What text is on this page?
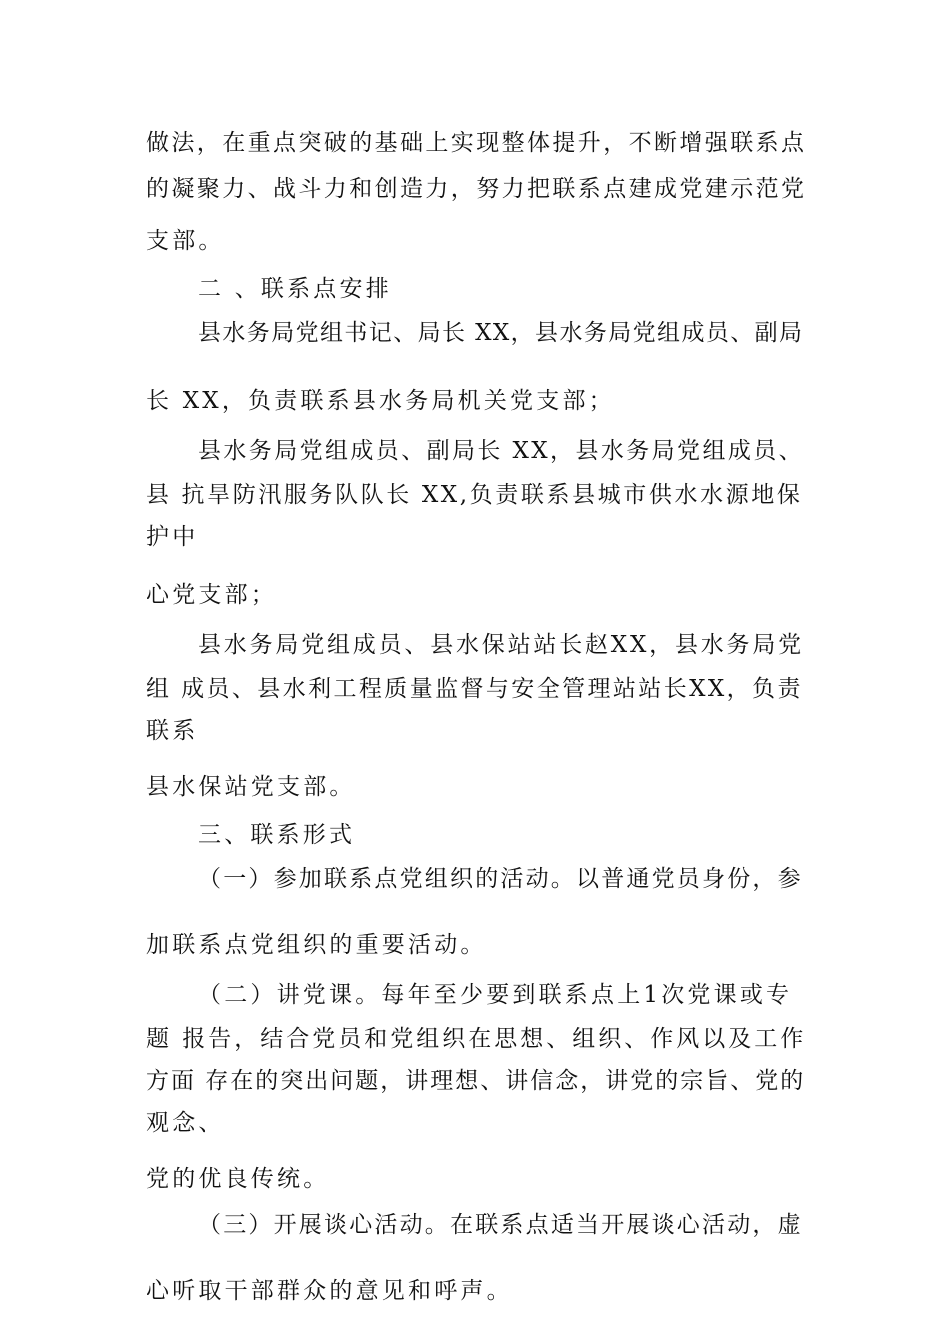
做法，在重点突破的基础上实现整体提升，不断增强联系点
的凝聚力、战斗力和创造力，努力把联系点建成党建示范党
支部。
二 、联系点安排
县水务局党组书记、局长 XX，县水务局党组成员、副局
长 XX，负责联系县水务局机关党支部；
县水务局党组成员、副局长 XX，县水务局党组成员、
县 抗旱防汛服务队队长 XX,负责联系县城市供水水源地保
护中
心党支部；
县水务局党组成员、县水保站站长赵XX，县水务局党
组 成员、县水利工程质量监督与安全管理站站长XX，负责
联系
县水保站党支部。
三、联系形式
（一）参加联系点党组织的活动。以普通党员身份，参
加联系点党组织的重要活动。
（二）讲党课。每年至少要到联系点上1次党课或专
题 报告，结合党员和党组织在思想、组织、作风以及工作
方面 存在的突出问题，讲理想、讲信念，讲党的宗旨、党的
观念、
党的优良传统。
（三）开展谈心活动。在联系点适当开展谈心活动，虚
心听取干部群众的意见和呼声。
